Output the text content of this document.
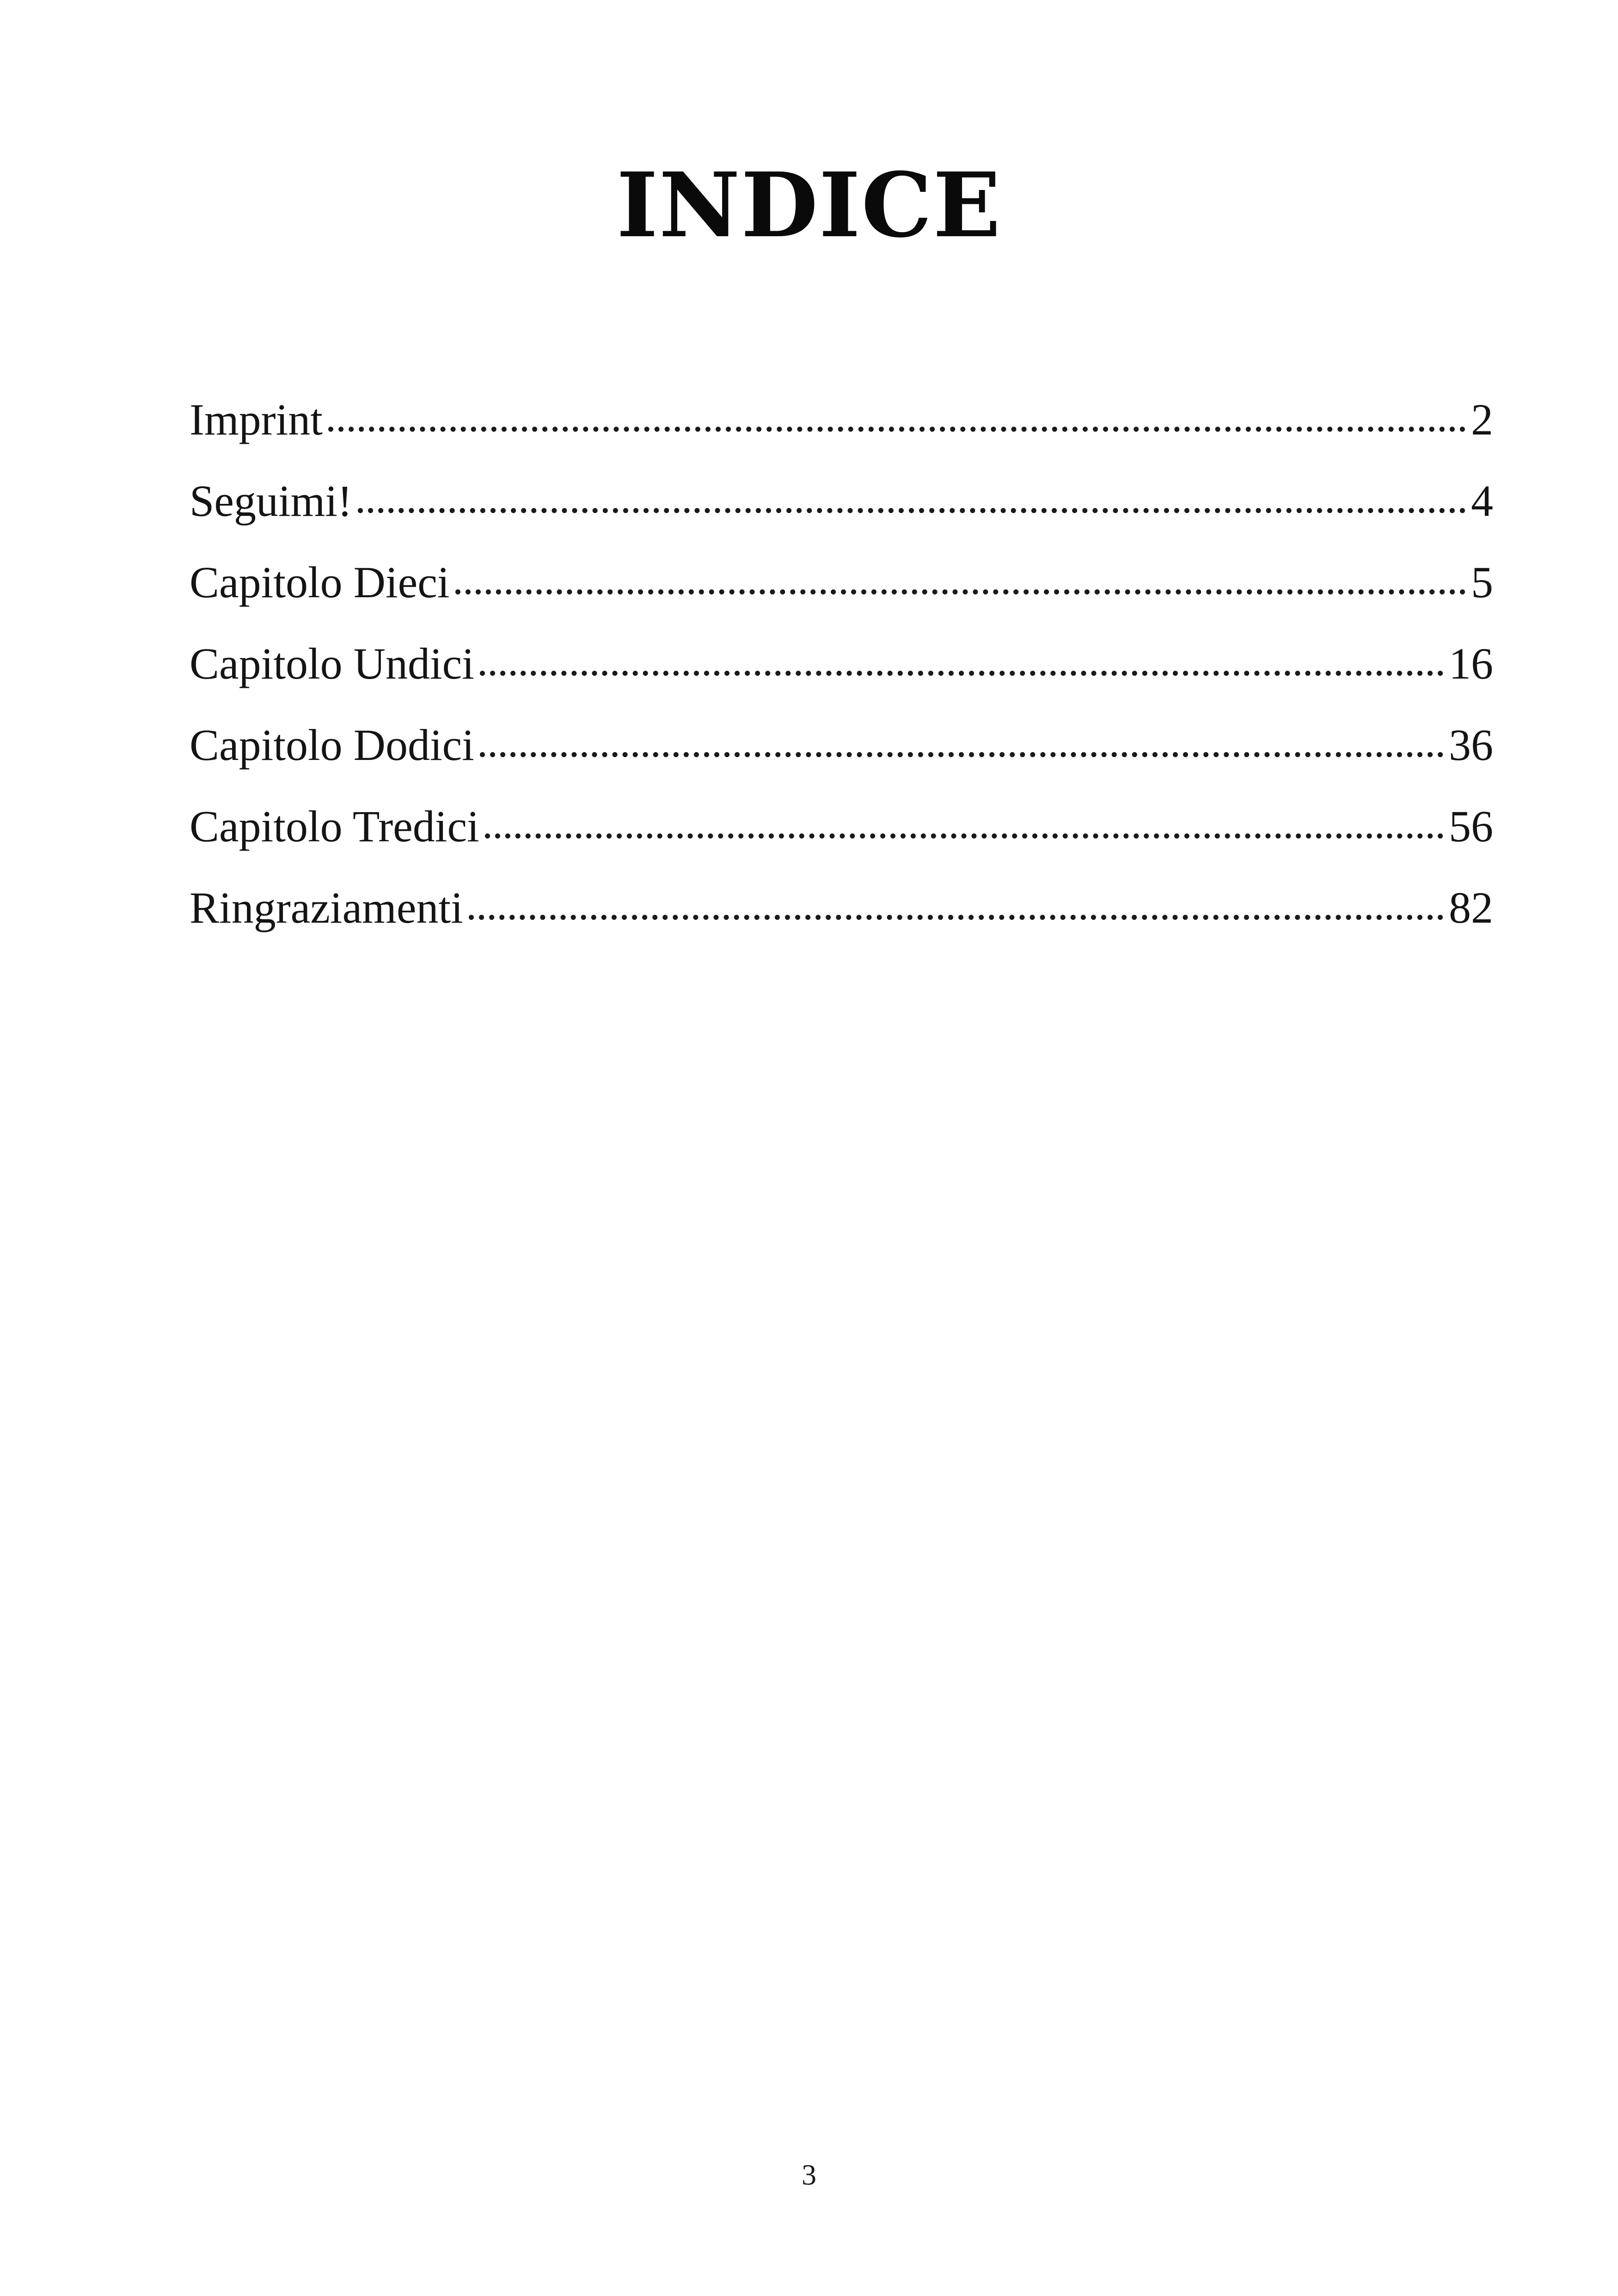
INDICE
Imprint	2
Seguimi!	4
Capitolo Dieci	5
Capitolo Undici	16
Capitolo Dodici	36
Capitolo Tredici	56
Ringraziamenti	82
3
